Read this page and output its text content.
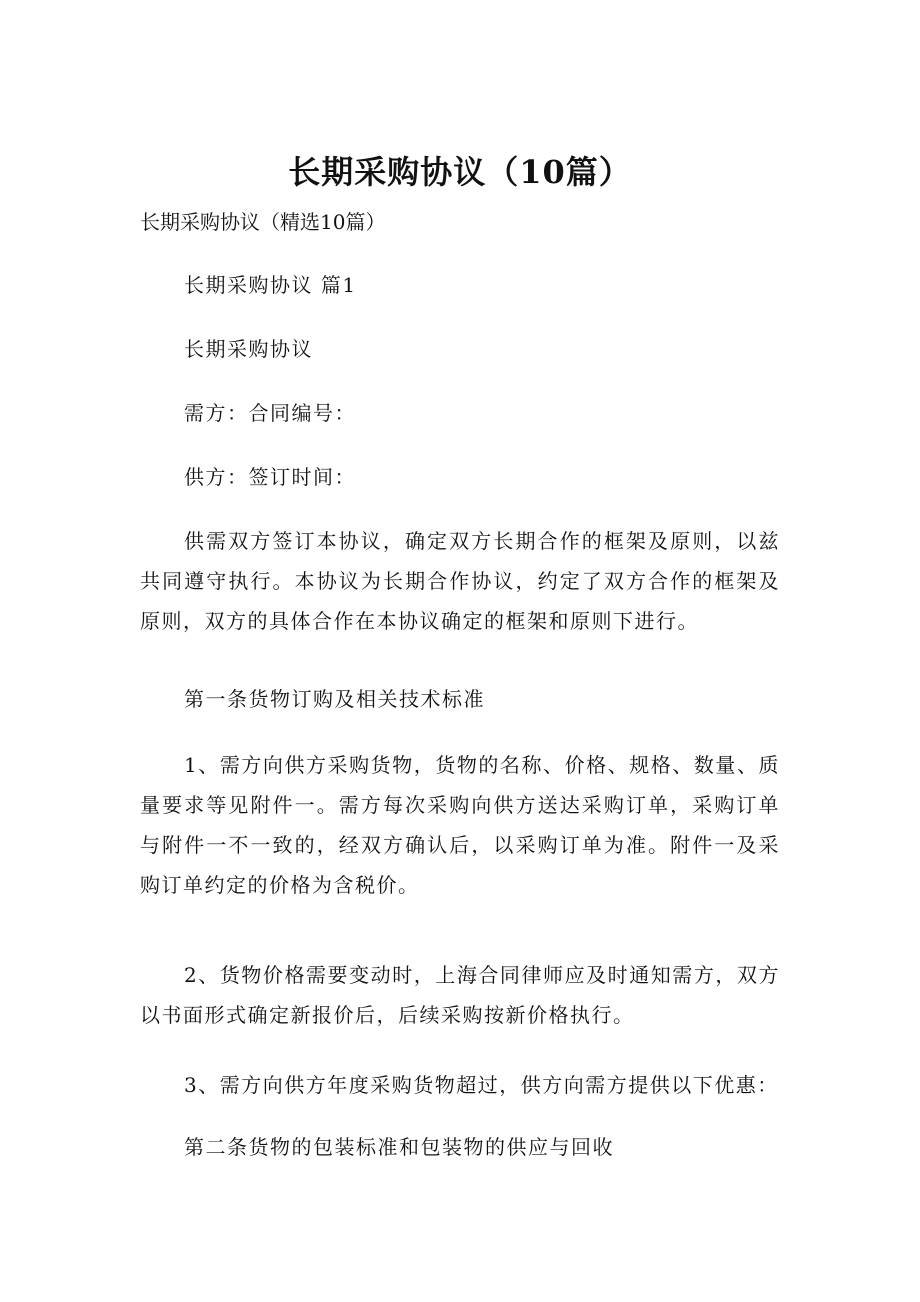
长期采购协议（10篇）
长期采购协议（精选10篇）

长期采购协议 篇1

长期采购协议

需方：合同编号：

供方：签订时间：

供需双方签订本协议，确定双方长期合作的框架及原则，以兹共同遵守执行。本协议为长期合作协议，约定了双方合作的框架及原则，双方的具体合作在本协议确定的框架和原则下进行。

第一条货物订购及相关技术标准

1、需方向供方采购货物，货物的名称、价格、规格、数量、质量要求等见附件一。需方每次采购向供方送达采购订单，采购订单与附件一不一致的，经双方确认后，以采购订单为准。附件一及采购订单约定的价格为含税价。

2、货物价格需要变动时，上海合同律师应及时通知需方，双方以书面形式确定新报价后，后续采购按新价格执行。

3、需方向供方年度采购货物超过，供方向需方提供以下优惠：

第二条货物的包装标准和包装物的供应与回收
